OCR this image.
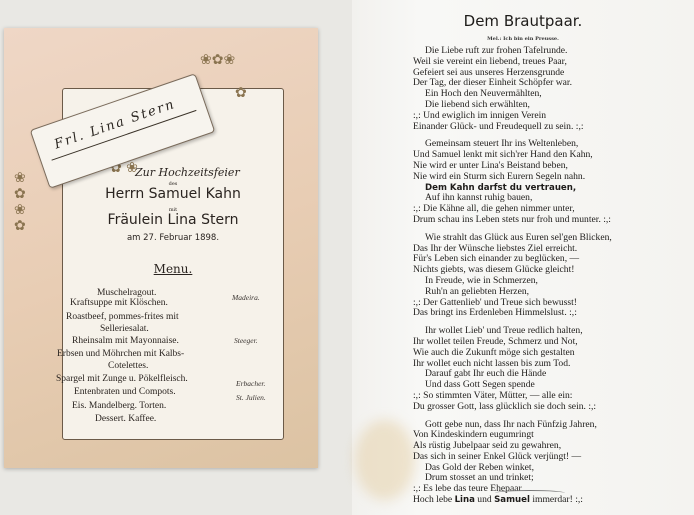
❀✿❀
✿
❀
✿
❀
✿
✿ ❀
Frl. Lina Stern
Zur Hochzeitsfeier
des
Herrn Samuel Kahn
mit
Fräulein Lina Stern
am 27. Februar 1898.
Menu.
Muschelragout.
Kraftsuppe mit Klöschen.
Roastbeef, pommes-frites mit
Selleriesalat.
Rheinsalm mit Mayonnaise.
Erbsen und Möhrchen mit Kalbs-
Cotelettes.
Spargel mit Zunge u. Pökelfleisch.
Entenbraten und Compots.
Eis. Mandelberg. Torten.
Dessert. Kaffee.
Madeira.
Steeger.
Erbacher.
St. Julien.
Dem Brautpaar.
Mel.: Ich bin ein Preusse.
Die Liebe ruft zur frohen Tafelrunde.
Weil sie vereint ein liebend, treues Paar,
Gefeiert sei aus unseres Herzensgrunde
Der Tag, der dieser Einheit Schöpfer war.
Ein Hoch den Neuvermählten,
Die liebend sich erwählten,
:,: Und ewiglich im innigen Verein
Einander Glück- und Freudequell zu sein. :,:
Gemeinsam steuert Ihr ins Weltenleben,
Und Samuel lenkt mit sich'rer Hand den Kahn,
Nie wird er unter Lina's Beistand beben,
Nie wird ein Sturm sich Eurern Segeln nahn.
Dem Kahn darfst du vertrauen,
Auf ihn kannst ruhig bauen,
:,: Die Kähne all, die gehen nimmer unter,
Drum schau ins Leben stets nur froh und munter. :,:
Wie strahlt das Glück aus Euren sel'gen Blicken,
Das Ihr der Wünsche liebstes Ziel erreicht.
Für's Leben sich einander zu beglücken, —
Nichts giebts, was diesem Glücke gleicht!
In Freude, wie in Schmerzen,
Ruh'n an geliebten Herzen,
:,: Der Gattenlieb' und Treue sich bewusst!
Das bringt ins Erdenleben Himmelslust. :,:
Ihr wollet Lieb' und Treue redlich halten,
Ihr wollet teilen Freude, Schmerz und Not,
Wie auch die Zukunft möge sich gestalten
Ihr wollet euch nicht lassen bis zum Tod.
Darauf gabt Ihr euch die Hände
Und dass Gott Segen spende
:,: So stimmten Väter, Mütter, — alle ein:
Du grosser Gott, lass glücklich sie doch sein. :,:
Gott gebe nun, dass Ihr nach Fünfzig Jahren,
Von Kindeskindern eugumringt
Als rüstig Jubelpaar seid zu gewahren,
Das sich in seiner Enkel Glück verjüngt! —
Das Gold der Reben winket,
Drum stosset an und trinket;
:,: Es lebe das teure Ehepaar
Hoch lebe Lina und Samuel immerdar! :,:
